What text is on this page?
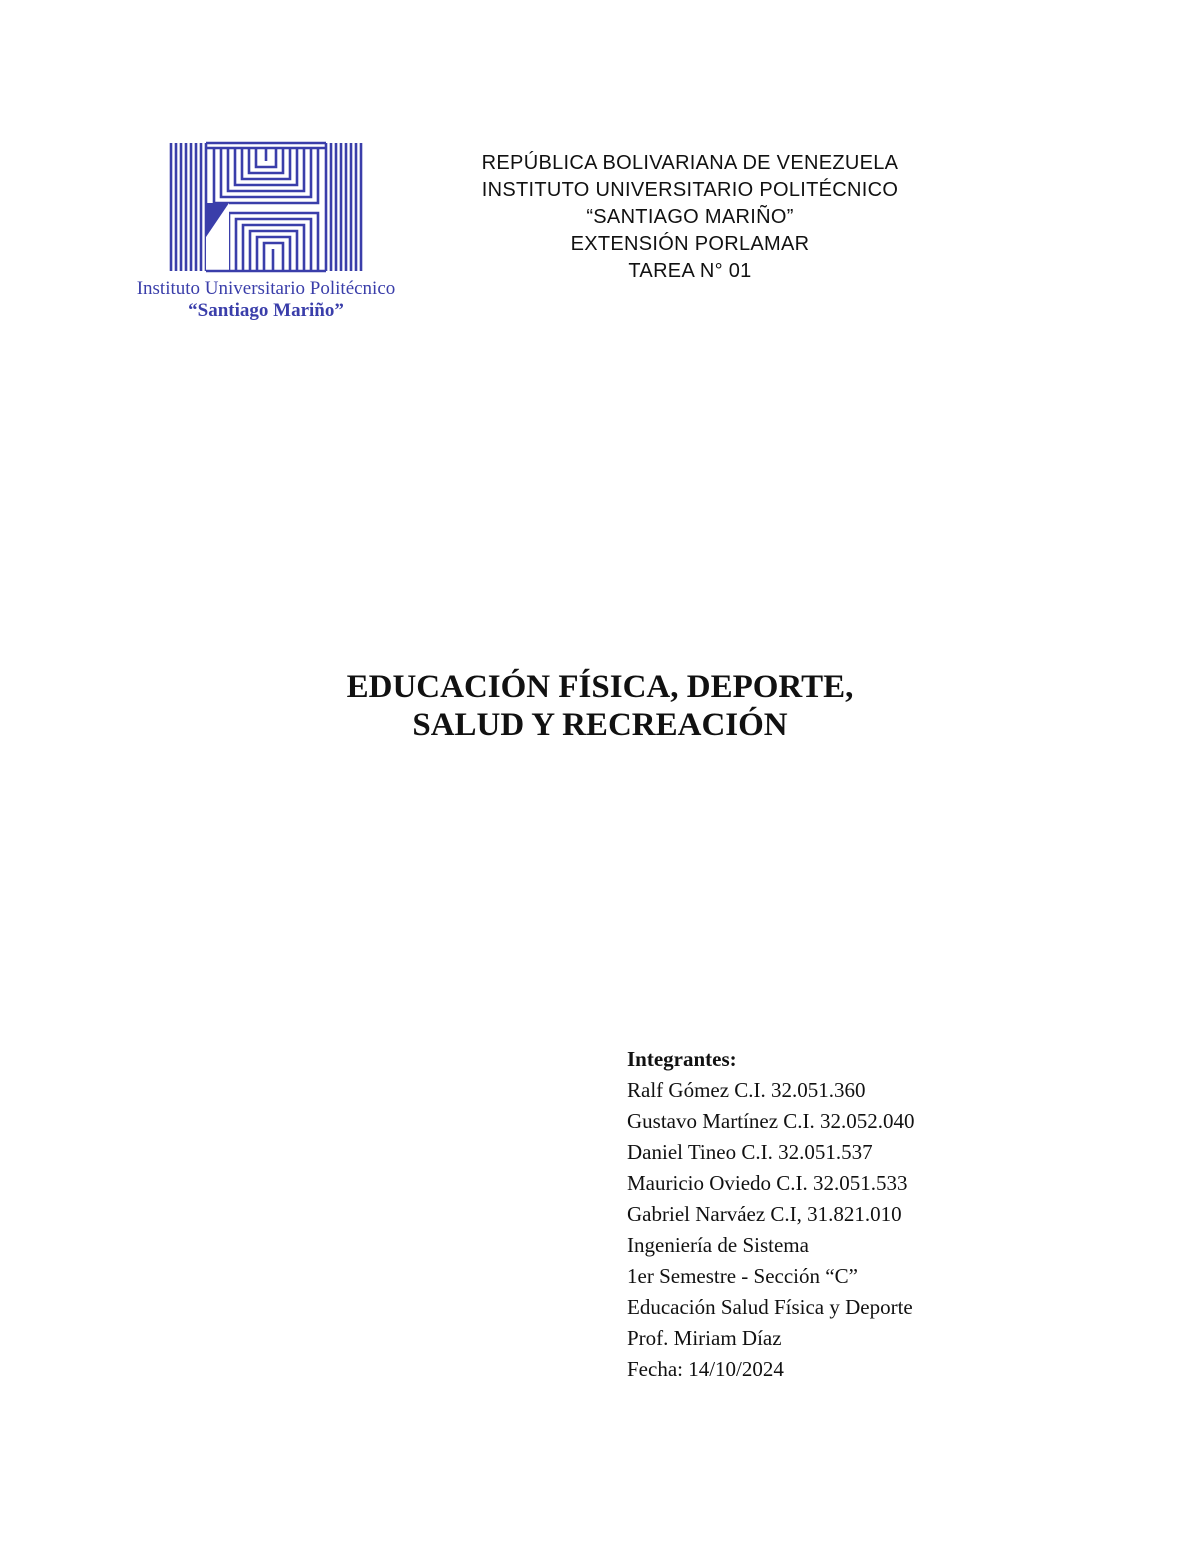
Instituto Universitario Politécnico
“Santiago Mariño”
REPÚBLICA BOLIVARIANA DE VENEZUELA
INSTITUTO UNIVERSITARIO POLITÉCNICO
“SANTIAGO MARIÑO”
EXTENSIÓN PORLAMAR
TAREA N° 01
EDUCACIÓN FÍSICA, DEPORTE,
SALUD Y RECREACIÓN
Integrantes:
Ralf Gómez C.I. 32.051.360
Gustavo Martínez C.I. 32.052.040
Daniel Tineo C.I. 32.051.537
Mauricio Oviedo C.I. 32.051.533
Gabriel Narváez C.I, 31.821.010
Ingeniería de Sistema
1er Semestre - Sección “C”
Educación Salud Física y Deporte
Prof. Miriam Díaz
Fecha: 14/10/2024
